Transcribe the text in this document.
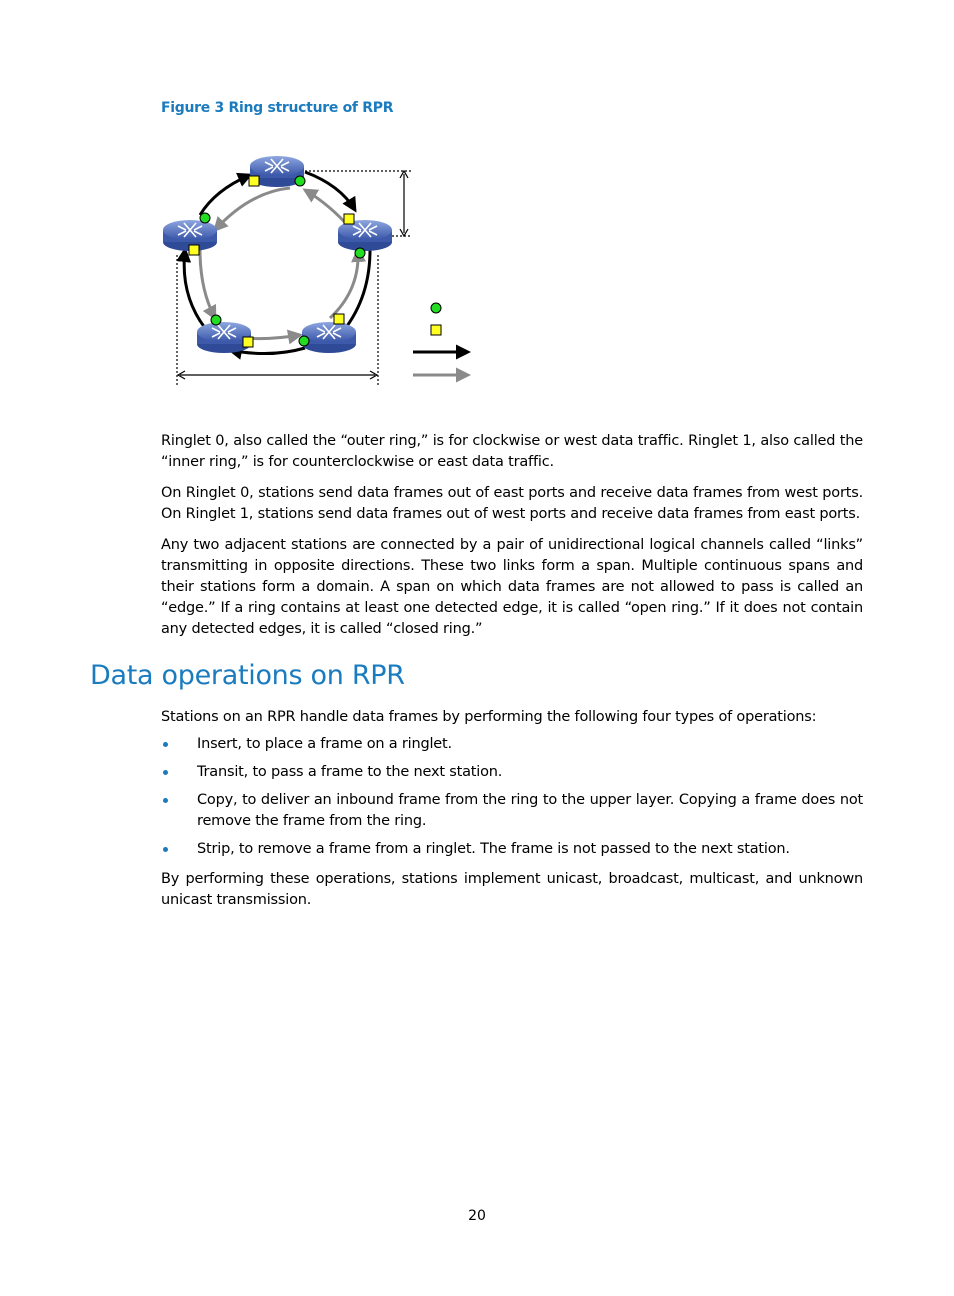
Figure 3 Ring structure of RPR

Ringlet 0, also called the “outer ring,” is for clockwise or west data traffic. Ringlet 1, also called the “inner ring,” is for counterclockwise or east data traffic.

On Ringlet 0, stations send data frames out of east ports and receive data frames from west ports. On Ringlet 1, stations send data frames out of west ports and receive data frames from east ports.

Any two adjacent stations are connected by a pair of unidirectional logical channels called “links” transmitting in opposite directions. These two links form a span. Multiple continuous spans and their stations form a domain. A span on which data frames are not allowed to pass is called an “edge.” If a ring contains at least one detected edge, it is called “open ring.” If it does not contain any detected edges, it is called “closed ring.”

Data operations on RPR

Stations on an RPR handle data frames by performing the following four types of operations:

Insert, to place a frame on a ringlet.
Transit, to pass a frame to the next station.
Copy, to deliver an inbound frame from the ring to the upper layer. Copying a frame does not remove the frame from the ring.
Strip, to remove a frame from a ringlet. The frame is not passed to the next station.

By performing these operations, stations implement unicast, broadcast, multicast, and unknown unicast transmission.

20
